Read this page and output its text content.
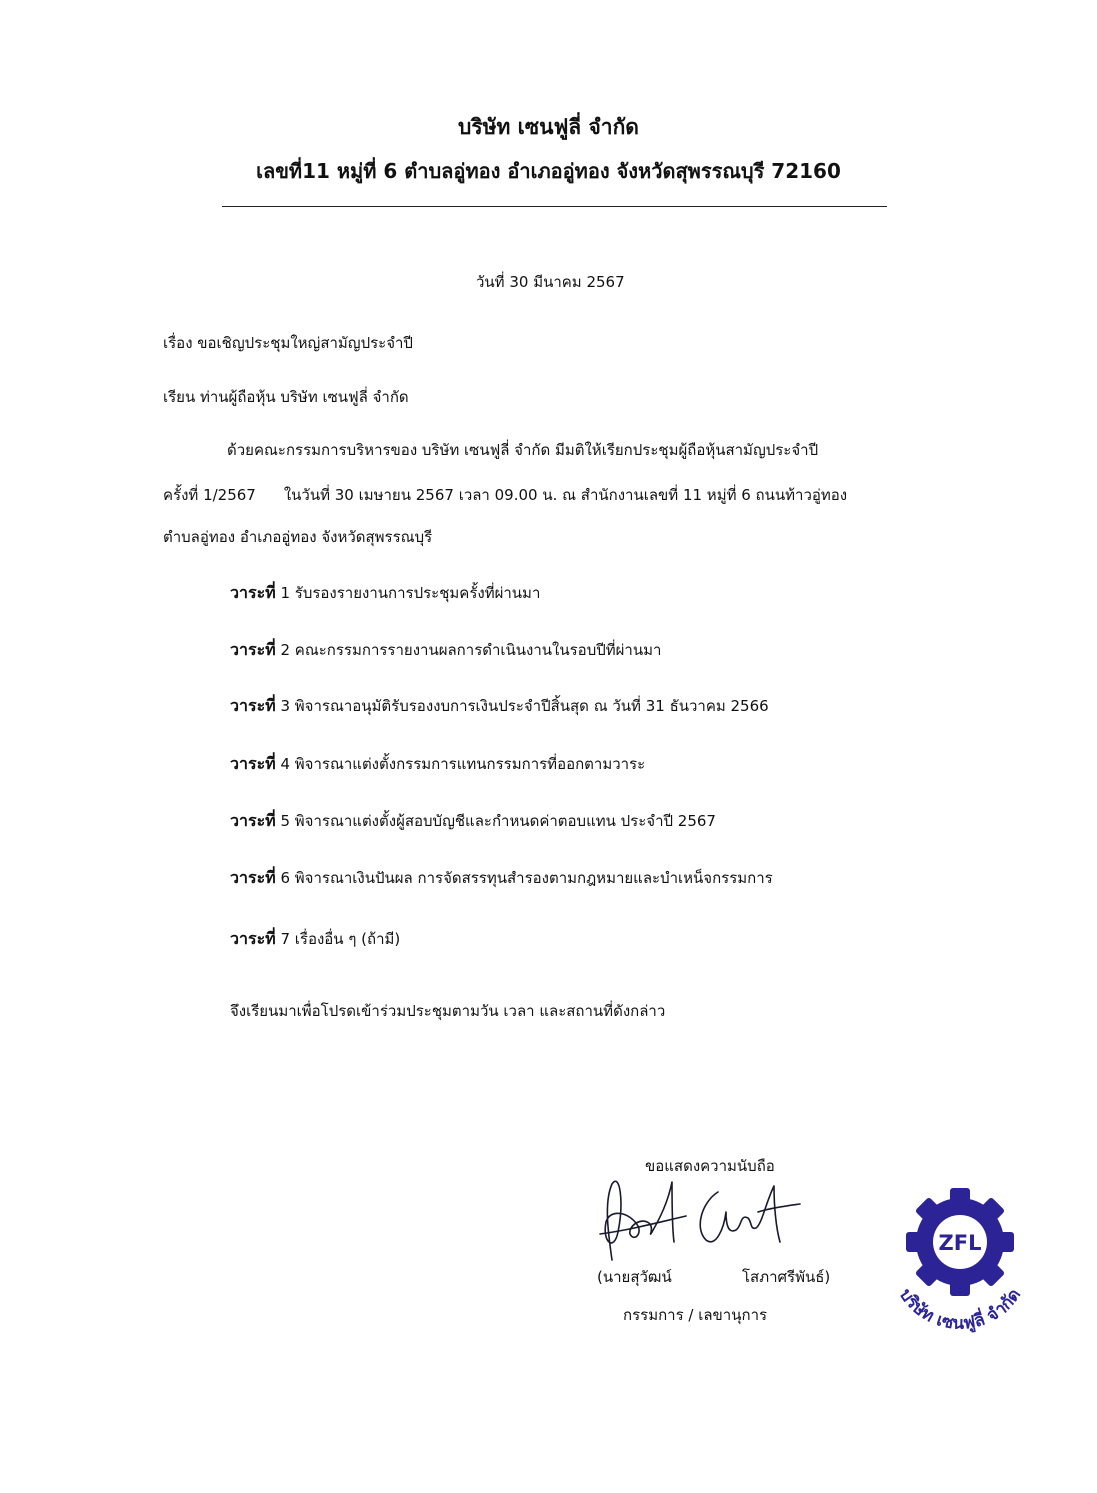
บริษัท เซนฟูลี่ จำกัด
เลขที่11 หมู่ที่ 6 ตำบลอู่ทอง อำเภออู่ทอง จังหวัดสุพรรณบุรี 72160
วันที่ 30 มีนาคม 2567
เรื่อง ขอเชิญประชุมใหญ่สามัญประจำปี
เรียน ท่านผู้ถือหุ้น บริษัท เซนฟูลี่ จำกัด
ด้วยคณะกรรมการบริหารของ บริษัท เซนฟูลี่ จำกัด มีมติให้เรียกประชุมผู้ถือหุ้นสามัญประจำปี
ครั้งที่ 1/2567 ในวันที่ 30 เมษายน 2567 เวลา 09.00 น. ณ สำนักงานเลขที่ 11 หมู่ที่ 6 ถนนท้าวอู่ทอง
ตำบลอู่ทอง อำเภออู่ทอง จังหวัดสุพรรณบุรี
วาระที่ 1 รับรองรายงานการประชุมครั้งที่ผ่านมา
วาระที่ 2 คณะกรรมการรายงานผลการดำเนินงานในรอบปีที่ผ่านมา
วาระที่ 3 พิจารณาอนุมัติรับรองงบการเงินประจำปีสิ้นสุด ณ วันที่ 31 ธันวาคม 2566
วาระที่ 4 พิจารณาแต่งตั้งกรรมการแทนกรรมการที่ออกตามวาระ
วาระที่ 5 พิจารณาแต่งตั้งผู้สอบบัญชีและกำหนดค่าตอบแทน ประจำปี 2567
วาระที่ 6 พิจารณาเงินปันผล การจัดสรรทุนสำรองตามกฎหมายและบำเหน็จกรรมการ
วาระที่ 7 เรื่องอื่น ๆ (ถ้ามี)
จึงเรียนมาเพื่อโปรดเข้าร่วมประชุมตามวัน เวลา และสถานที่ดังกล่าว
ขอแสดงความนับถือ
(นายสุวัฒน์	โสภาศรีพันธ์)
กรรมการ / เลขานุการ
ZFL
บริษัท เซนฟูลี่ จำกัด
